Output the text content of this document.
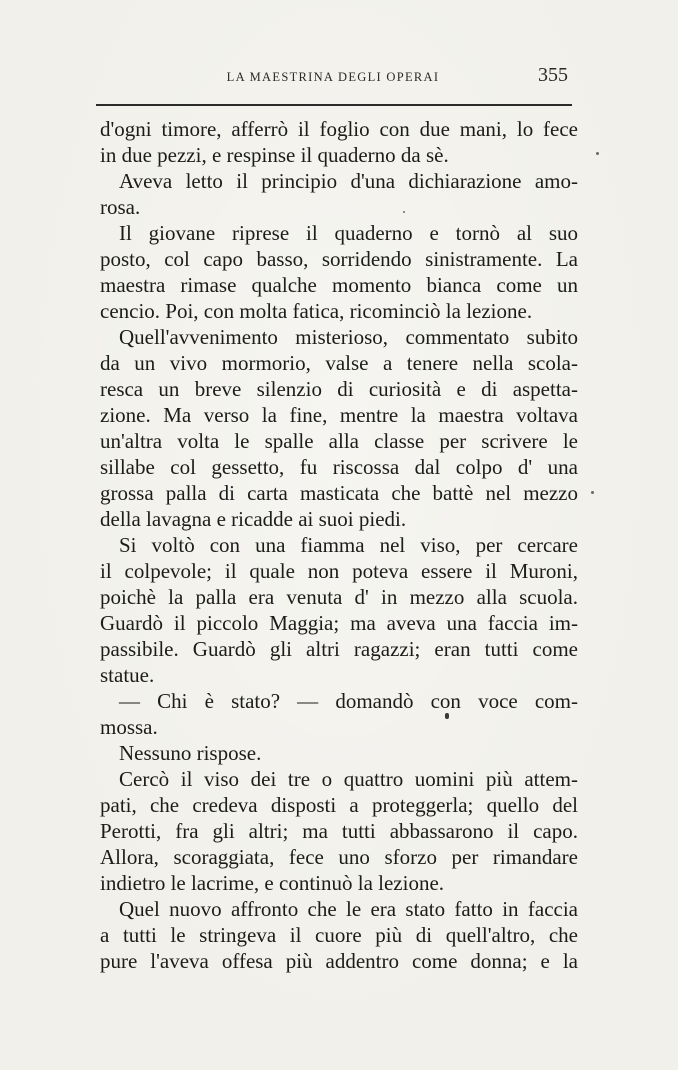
LA MAESTRINA DEGLI OPERAI	355
d'ogni timore, afferrò il foglio con due mani, lo fece
in due pezzi, e respinse il quaderno da sè.
Aveva letto il principio d'una dichiarazione amo-
rosa.
Il giovane riprese il quaderno e tornò al suo
posto, col capo basso, sorridendo sinistramente. La
maestra rimase qualche momento bianca come un
cencio. Poi, con molta fatica, ricominciò la lezione.
Quell'avvenimento misterioso, commentato subito
da un vivo mormorio, valse a tenere nella scola-
resca un breve silenzio di curiosità e di aspetta-
zione. Ma verso la fine, mentre la maestra voltava
un'altra volta le spalle alla classe per scrivere le
sillabe col gessetto, fu riscossa dal colpo d' una
grossa palla di carta masticata che battè nel mezzo
della lavagna e ricadde ai suoi piedi.
Si voltò con una fiamma nel viso, per cercare
il colpevole; il quale non poteva essere il Muroni,
poichè la palla era venuta d' in mezzo alla scuola.
Guardò il piccolo Maggia; ma aveva una faccia im-
passibile. Guardò gli altri ragazzi; eran tutti come
statue.
— Chi è stato? — domandò con voce com-
mossa.
Nessuno rispose.
Cercò il viso dei tre o quattro uomini più attem-
pati, che credeva disposti a proteggerla; quello del
Perotti, fra gli altri; ma tutti abbassarono il capo.
Allora, scoraggiata, fece uno sforzo per rimandare
indietro le lacrime, e continuò la lezione.
Quel nuovo affronto che le era stato fatto in faccia
a tutti le stringeva il cuore più di quell'altro, che
pure l'aveva offesa più addentro come donna; e la
